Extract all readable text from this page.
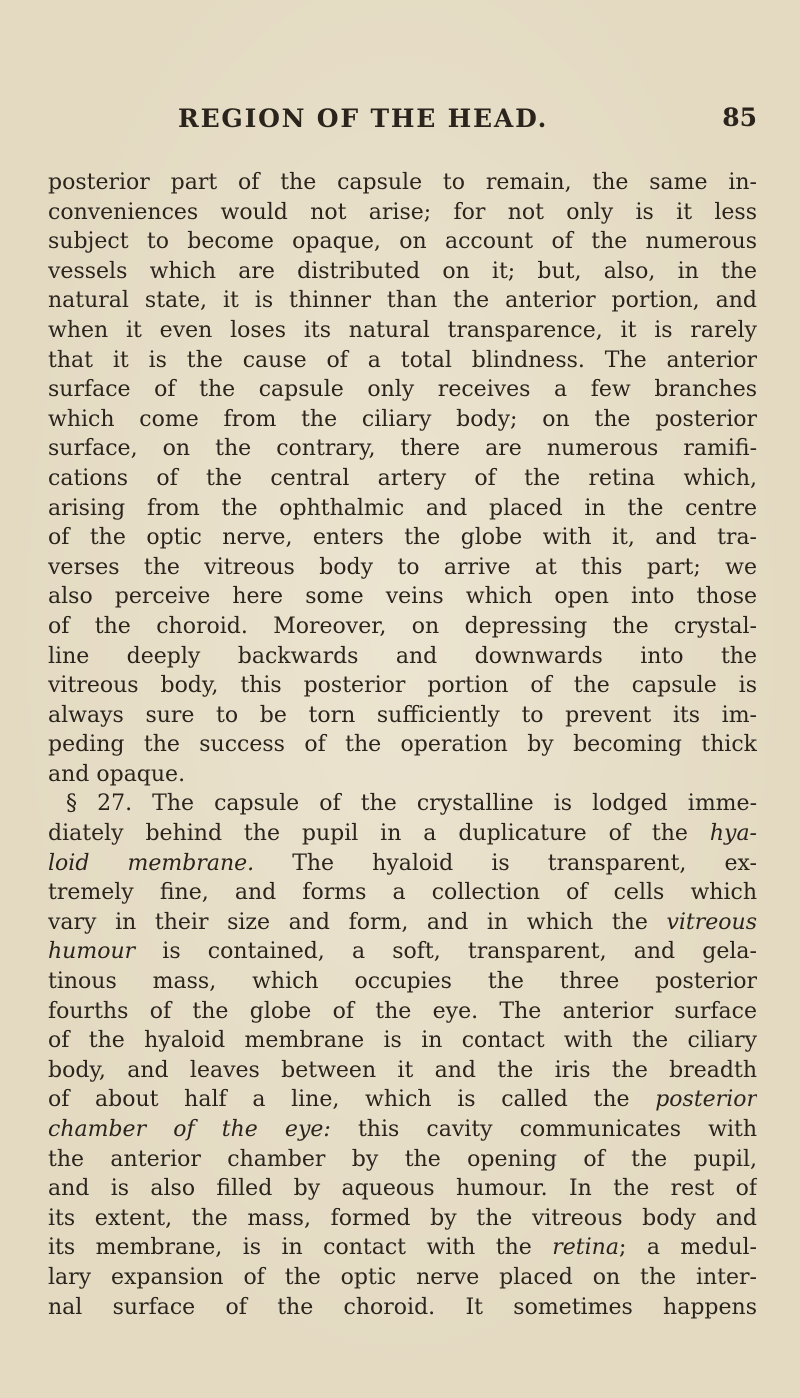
REGION OF THE HEAD.	85
posterior part of the capsule to remain, the same in-
conveniences would not arise; for not only is it less
subject to become opaque, on account of the numerous
vessels which are distributed on it; but, also, in the
natural state, it is thinner than the anterior portion, and
when it even loses its natural transparence, it is rarely
that it is the cause of a total blindness. The anterior
surface of the capsule only receives a few branches
which come from the ciliary body; on the posterior
surface, on the contrary, there are numerous ramifi-
cations of the central artery of the retina which,
arising from the ophthalmic and placed in the centre
of the optic nerve, enters the globe with it, and tra-
verses the vitreous body to arrive at this part; we
also perceive here some veins which open into those
of the choroid. Moreover, on depressing the crystal-
line deeply backwards and downwards into the
vitreous body, this posterior portion of the capsule is
always sure to be torn sufficiently to prevent its im-
peding the success of the operation by becoming thick
and opaque.
§ 27. The capsule of the crystalline is lodged imme-
diately behind the pupil in a duplicature of the hya-
loid membrane. The hyaloid is transparent, ex-
tremely fine, and forms a collection of cells which
vary in their size and form, and in which the vitreous
humour is contained, a soft, transparent, and gela-
tinous mass, which occupies the three posterior
fourths of the globe of the eye. The anterior surface
of the hyaloid membrane is in contact with the ciliary
body, and leaves between it and the iris the breadth
of about half a line, which is called the posterior
chamber of the eye: this cavity communicates with
the anterior chamber by the opening of the pupil,
and is also filled by aqueous humour. In the rest of
its extent, the mass, formed by the vitreous body and
its membrane, is in contact with the retina; a medul-
lary expansion of the optic nerve placed on the inter-
nal surface of the choroid. It sometimes happens
